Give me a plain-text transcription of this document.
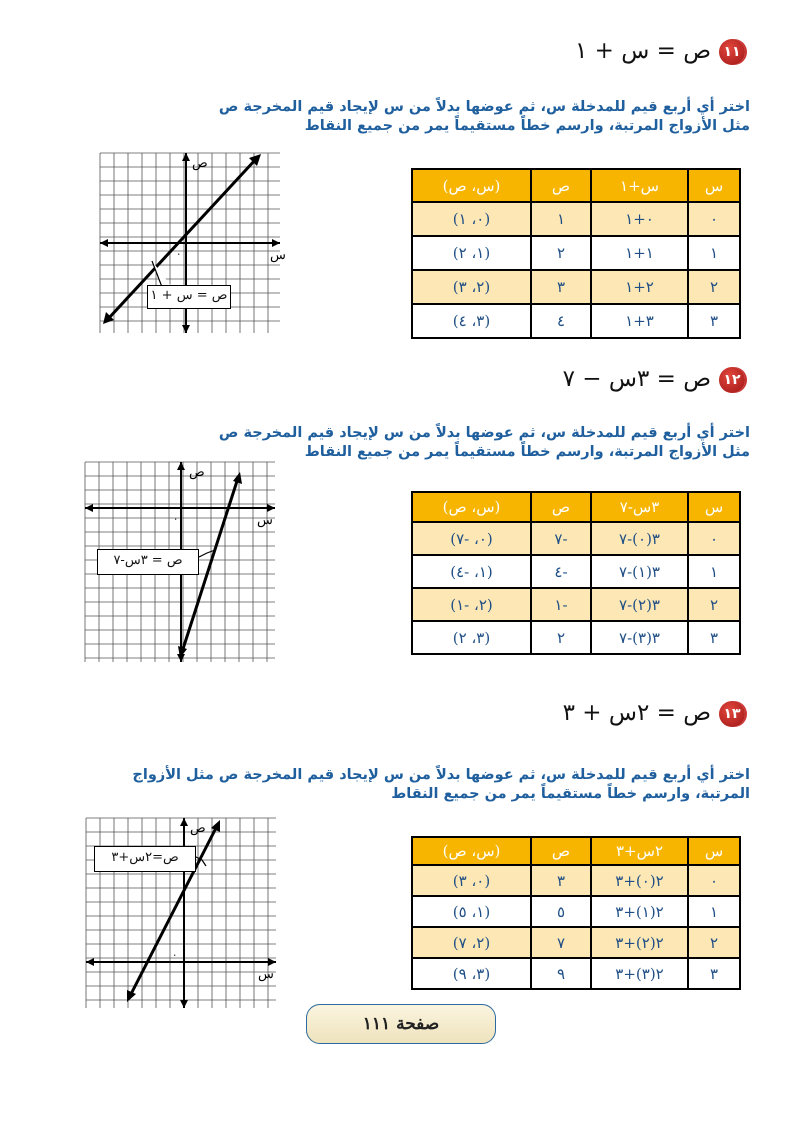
١١ص = س + ١
اختر أي أربع قيم للمدخلة س، ثم عوضها بدلاً من س لإيجاد قيم المخرجة ص
مثل الأزواج المرتبة، وارسم خطاً مستقيماً يمر من جميع النقاط
س	س+١	ص	(س، ص)
٠	٠+١	١	(٠، ١)
١	١+١	٢	(١، ٢)
٢	٢+١	٣	(٢، ٣)
٣	٣+١	٤	(٣، ٤)
س
ص
٠
ص = س + ١
١٢ص = ٣س − ٧
اختر أي أربع قيم للمدخلة س، ثم عوضها بدلاً من س لإيجاد قيم المخرجة ص
مثل الأزواج المرتبة، وارسم خطاً مستقيماً يمر من جميع النقاط
س	٣س-٧	ص	(س، ص)
٠	٣(٠)-٧	-٧	(٠، -٧)
١	٣(١)-٧	-٤	(١، -٤)
٢	٣(٢)-٧	-١	(٢، -١)
٣	٣(٣)-٧	٢	(٣، ٢)
س
ص
٠
ص = ٣س-٧
١٣ص = ٢س + ٣
اختر أي أربع قيم للمدخلة س، ثم عوضها بدلاً من س لإيجاد قيم المخرجة ص مثل الأزواج
المرتبة، وارسم خطاً مستقيماً يمر من جميع النقاط
س	٢س+٣	ص	(س، ص)
٠	٢(٠)+٣	٣	(٠، ٣)
١	٢(١)+٣	٥	(١، ٥)
٢	٢(٢)+٣	٧	(٢، ٧)
٣	٢(٣)+٣	٩	(٣، ٩)
س
ص
٠
ص=٢س+٣
صفحة ١١١
